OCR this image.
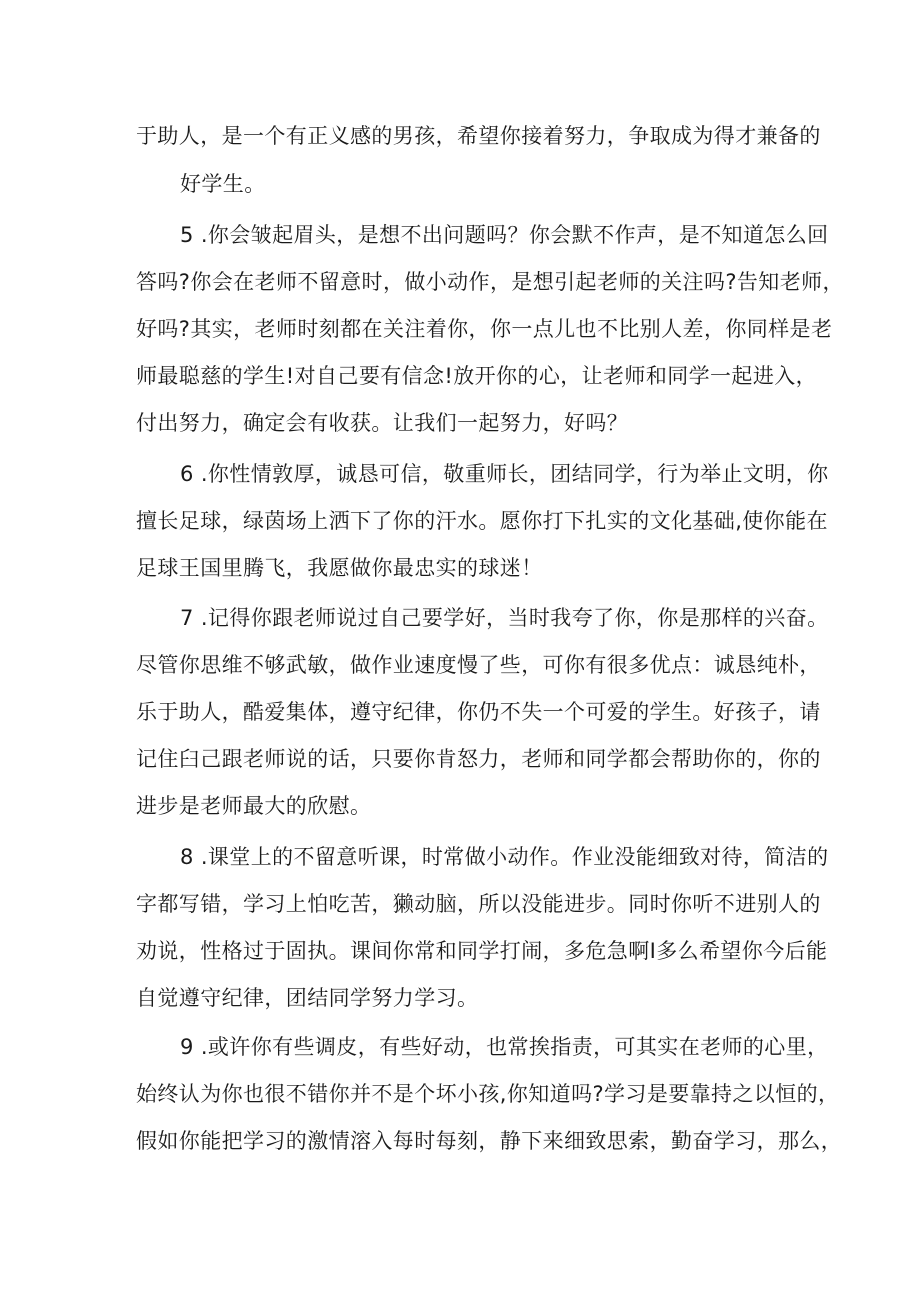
于助人，是一个有正义感的男孩，希望你接着努力，争取成为得才兼备的
好学生。
5 .你会皱起眉头，是想不出问题吗？你会默不作声，是不知道怎么回
答吗?你会在老师不留意时，做小动作，是想引起老师的关注吗?告知老师，
好吗?其实，老师时刻都在关注着你，你一点儿也不比别人差，你同样是老
师最聪慈的学生!对自己要有信念!放开你的心，让老师和同学一起进入，
付出努力，确定会有收获。让我们一起努力，好吗？
6 .你性情敦厚，诚恳可信，敬重师长，团结同学，行为举止文明，你
擅长足球，绿茵场上洒下了你的汗水。愿你打下扎实的文化基础,使你能在
足球王国里腾飞，我愿做你最忠实的球迷！
7 .记得你跟老师说过自己要学好，当时我夸了你，你是那样的兴奋。
尽管你思维不够武敏，做作业速度慢了些，可你有很多优点：诚恳纯朴，
乐于助人，酷爱集体，遵守纪律，你仍不失一个可爱的学生。好孩子，请
记住臼己跟老师说的话，只要你肯怒力，老师和同学都会帮助你的，你的
进步是老师最大的欣慰。
8 .课堂上的不留意听课，时常做小动作。作业没能细致对待，简洁的
字都写错，学习上怕吃苦，獭动脑，所以没能进步。同时你听不进别人的
劝说，性格过于固执。课间你常和同学打闹，多危急啊I多么希望你今后能
自觉遵守纪律，团结同学努力学习。
9 .或许你有些调皮，有些好动，也常挨指责，可其实在老师的心里，
始终认为你也很不错你并不是个坏小孩,你知道吗?学习是要靠持之以恒的，
假如你能把学习的激情溶入每时每刻，静下来细致思索，勤奋学习，那么，
